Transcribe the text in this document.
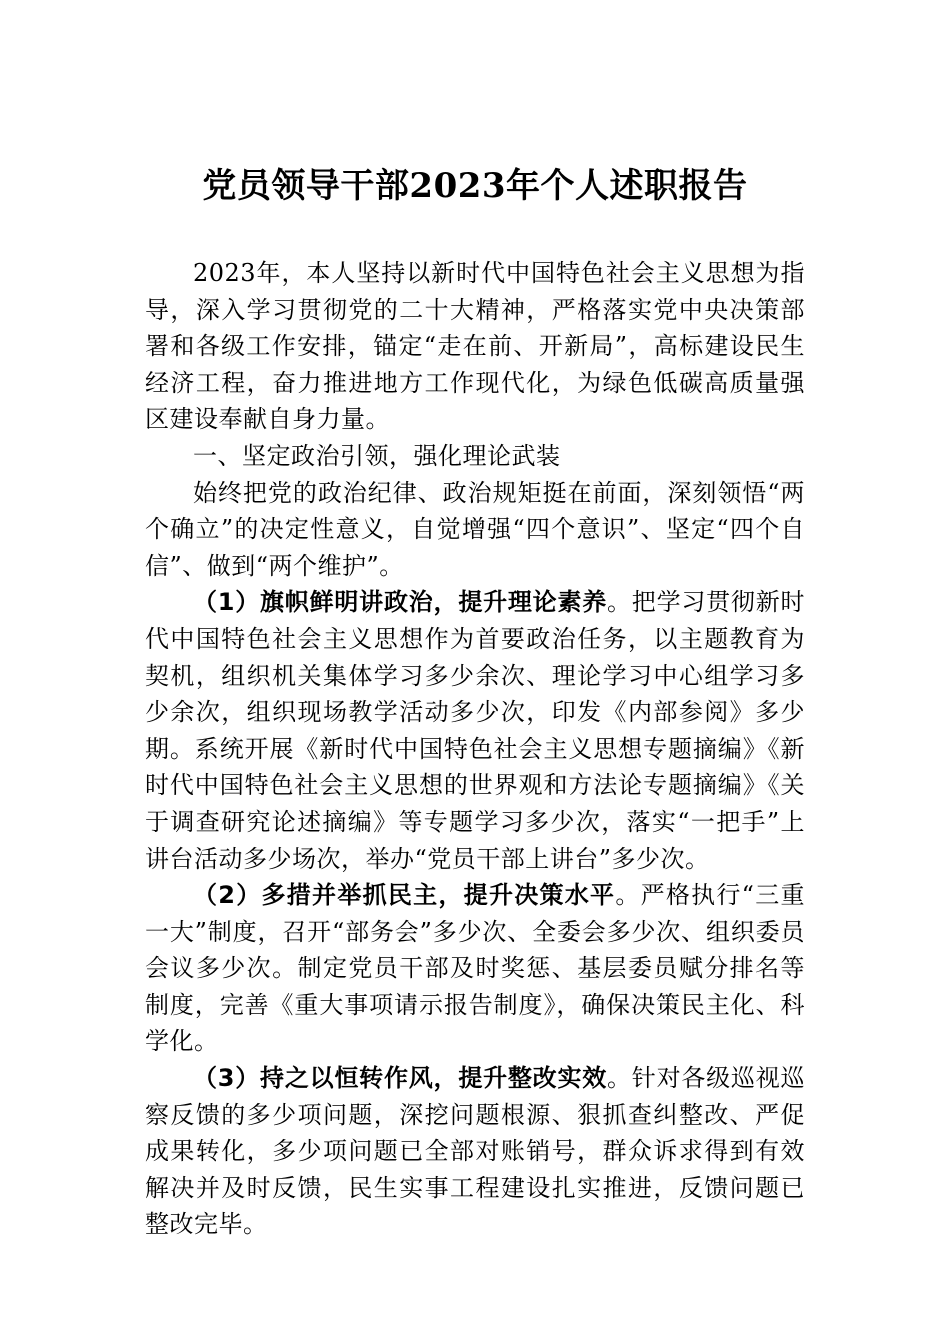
党员领导干部2023年个人述职报告

2023年，本人坚持以新时代中国特色社会主义思想为指导，深入学习贯彻党的二十大精神，严格落实党中央决策部署和各级工作安排，锚定“走在前、开新局”，高标建设民生经济工程，奋力推进地方工作现代化，为绿色低碳高质量强区建设奉献自身力量。

一、坚定政治引领，强化理论武装

始终把党的政治纪律、政治规矩挺在前面，深刻领悟“两个确立”的决定性意义，自觉增强“四个意识”、坚定“四个自信”、做到“两个维护”。

（1）旗帜鲜明讲政治，提升理论素养。把学习贯彻新时代中国特色社会主义思想作为首要政治任务，以主题教育为契机，组织机关集体学习多少余次、理论学习中心组学习多少余次，组织现场教学活动多少次，印发《内部参阅》多少期。系统开展《新时代中国特色社会主义思想专题摘编》《新时代中国特色社会主义思想的世界观和方法论专题摘编》《关于调查研究论述摘编》等专题学习多少次，落实“一把手”上讲台活动多少场次，举办“党员干部上讲台”多少次。

（2）多措并举抓民主，提升决策水平。严格执行“三重一大”制度，召开“部务会”多少次、全委会多少次、组织委员会议多少次。制定党员干部及时奖惩、基层委员赋分排名等制度，完善《重大事项请示报告制度》，确保决策民主化、科学化。

（3）持之以恒转作风，提升整改实效。针对各级巡视巡察反馈的多少项问题，深挖问题根源、狠抓查纠整改、严促成果转化，多少项问题已全部对账销号，群众诉求得到有效解决并及时反馈，民生实事工程建设扎实推进，反馈问题已整改完毕。
